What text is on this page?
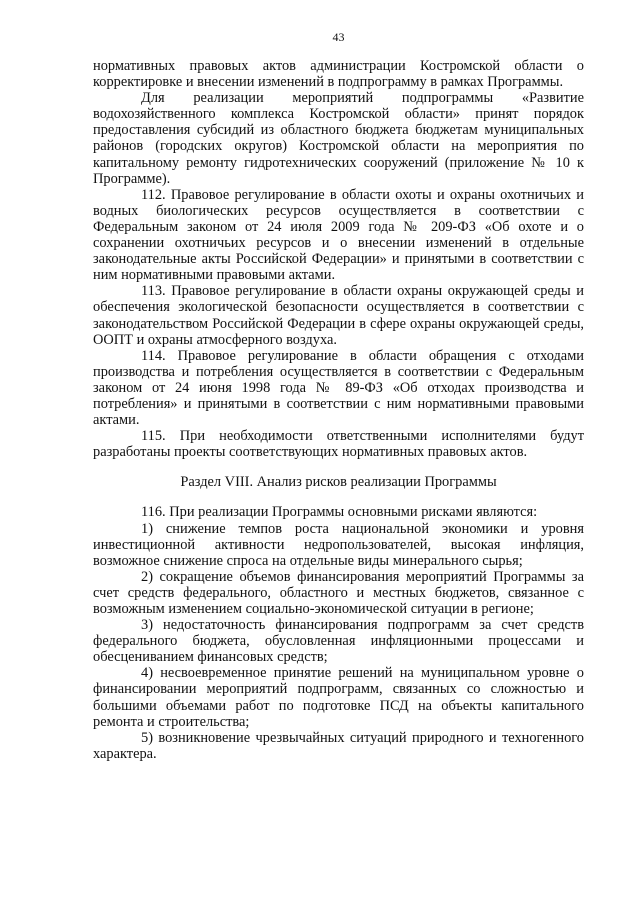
43

нормативных правовых актов администрации Костромской области о корректировке и внесении изменений в подпрограмму в рамках Программы.

Для реализации мероприятий подпрограммы «Развитие водохозяйственного комплекса Костромской области» принят порядок предоставления субсидий из областного бюджета бюджетам муниципальных районов (городских округов) Костромской области на мероприятия по капитальному ремонту гидротехнических сооружений (приложение № 10 к Программе).

112. Правовое регулирование в области охоты и охраны охотничьих и водных биологических ресурсов осуществляется в соответствии с Федеральным законом от 24 июля 2009 года № 209-ФЗ «Об охоте и о сохранении охотничьих ресурсов и о внесении изменений в отдельные законодательные акты Российской Федерации» и принятыми в соответствии с ним нормативными правовыми актами.

113. Правовое регулирование в области охраны окружающей среды и обеспечения экологической безопасности осуществляется в соответствии с законодательством Российской Федерации в сфере охраны окружающей среды, ООПТ и охраны атмосферного воздуха.

114. Правовое регулирование в области обращения с отходами производства и потребления осуществляется в соответствии с Федеральным законом от 24 июня 1998 года № 89-ФЗ «Об отходах производства и потребления» и принятыми в соответствии с ним нормативными правовыми актами.

115. При необходимости ответственными исполнителями будут разработаны проекты соответствующих нормативных правовых актов.

Раздел VIII. Анализ рисков реализации Программы

116. При реализации Программы основными рисками являются:

1) снижение темпов роста национальной экономики и уровня инвестиционной активности недропользователей, высокая инфляция, возможное снижение спроса на отдельные виды минерального сырья;

2) сокращение объемов финансирования мероприятий Программы за счет средств федерального, областного и местных бюджетов, связанное с возможным изменением социально-экономической ситуации в регионе;

3) недостаточность финансирования подпрограмм за счет средств федерального бюджета, обусловленная инфляционными процессами и обесцениванием финансовых средств;

4) несвоевременное принятие решений на муниципальном уровне о финансировании мероприятий подпрограмм, связанных со сложностью и большими объемами работ по подготовке ПСД на объекты капитального ремонта и строительства;

5) возникновение чрезвычайных ситуаций природного и техногенного характера.
